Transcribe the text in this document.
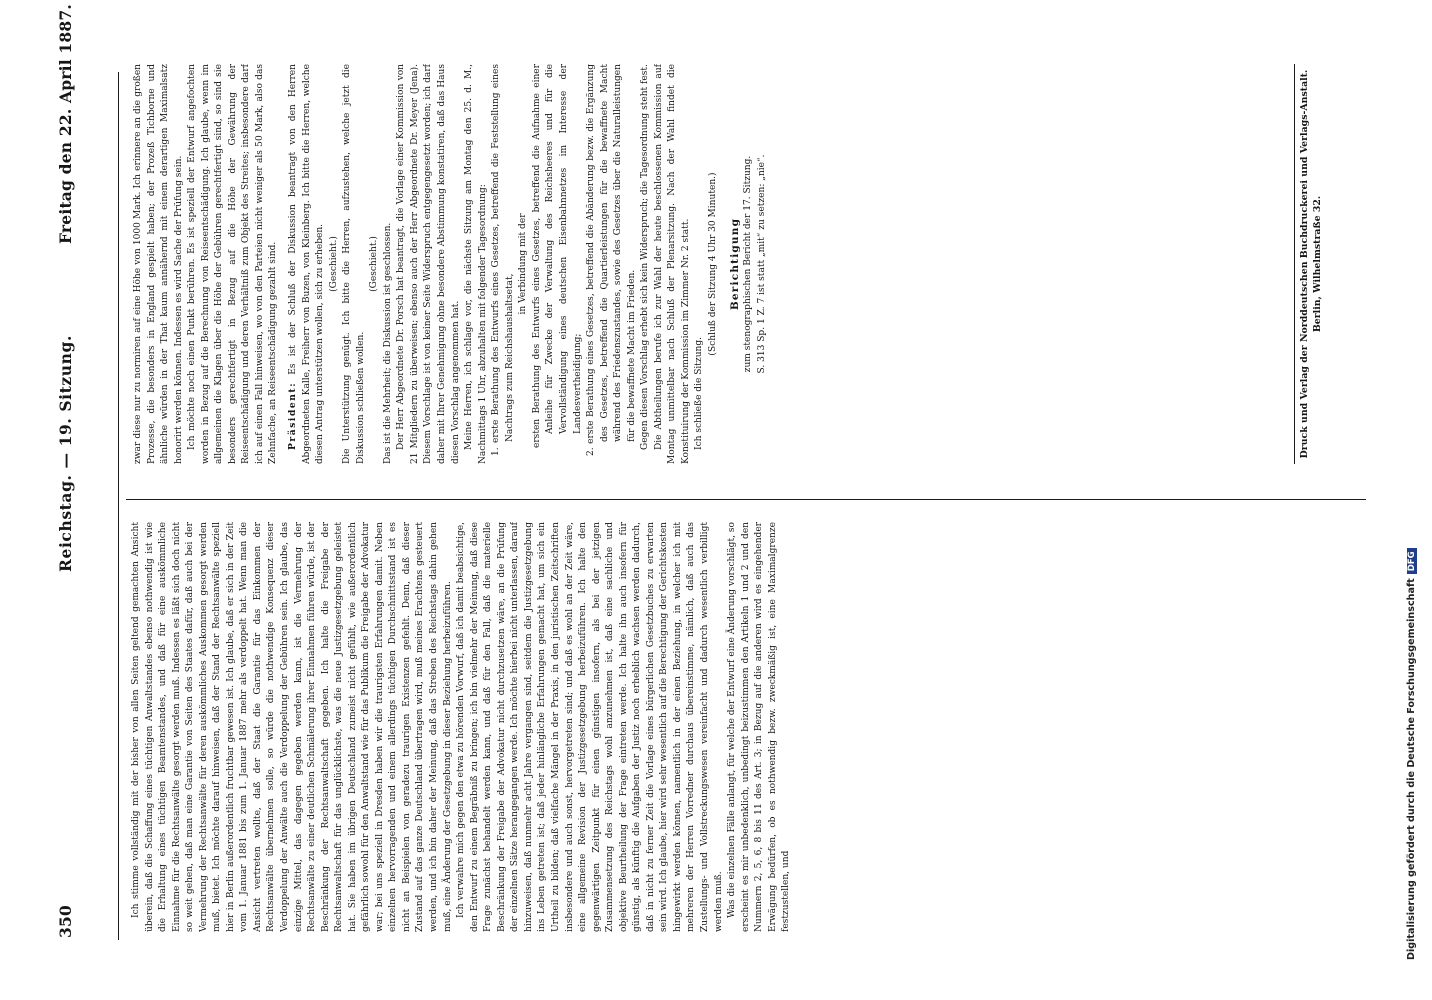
350
Reichstag. — 19. Sitzung.
Freitag den 22. April 1887.

Ich stimme vollständig mit der bisher von allen Seiten geltend gemachten Ansicht überein, daß die Schaffung eines tüchtigen Anwaltstandes ebenso nothwendig ist wie die Erhaltung eines tüchtigen Beamtenstandes, und daß für eine auskömmliche Einnahme für die Rechtsanwälte gesorgt werden muß. Indessen es läßt sich doch nicht so weit gehen, daß man eine Garantie von Seiten des Staates dafür, daß auch bei der Vermehrung der Rechtsanwälte für deren auskömmliches Auskommen gesorgt werden muß, bietet. Ich möchte darauf hinweisen, daß der Stand der Rechtsanwälte speziell hier in Berlin außerordentlich fruchtbar gewesen ist. Ich glaube, daß er sich in der Zeit vom 1. Januar 1881 bis zum 1. Januar 1887 mehr als verdoppelt hat. Wenn man die Ansicht vertreten wollte, daß der Staat die Garantie für das Einkommen der Rechtsanwälte übernehmen solle, so würde die nothwendige Konsequenz dieser Verdoppelung der Anwälte auch die Verdoppelung der Gebühren sein. Ich glaube, das einzige Mittel, das dagegen gegeben werden kann, ist die Vermehrung der Rechtsanwälte zu einer deutlichen Schmälerung ihrer Einnahmen führen würde, ist der Beschränkung der Rechtsanwaltschaft gegeben. Ich halte die Freigabe der Rechtsanwaltschaft für das unglücklichste, was die neue Justizgesetzgebung geleistet hat. Sie haben im übrigen Deutschland zumeist nicht gefühlt, wie außerordentlich gefährlich sowohl für den Anwaltstand wie für das Publikum die Freigabe der Advokatur war; bei uns speziell in Dresden haben wir die traurigsten Erfahrungen damit. Neben einzelnen hervorragenden und einem allerdings tüchtigen Durchschnittsstand ist es nicht an Beispielen von geradezu traurigen Existenzen gefehlt. Denn, daß dieser Zustand auf das ganze Deutschland übertragen wird, muß meines Erachtens gesteuert werden, und ich bin daher der Meinung, daß das Streben des Reichstags dahin gehen muß, eine Änderung der Gesetzgebung in dieser Beziehung herbeizuführen. Ich verwahre mich gegen den etwa zu hörenden Vorwurf, daß ich damit beabsichtige, den Entwurf zu einem Begräbniß zu bringen; ich bin vielmehr der Meinung, daß diese Frage zunächst behandelt werden kann, und daß für den Fall, daß die materielle Beschränkung der Freigabe der Advokatur nicht durchzusetzen wäre, an die Prüfung der einzelnen Sätze herangegangen werde. Ich möchte hierbei nicht unterlassen, darauf hinzuweisen, daß nunmehr acht Jahre vergangen sind, seitdem die Justizgesetzgebung ins Leben getreten ist; daß jeder hinlängliche Erfahrungen gemacht hat, um sich ein Urtheil zu bilden; daß vielfache Mängel in der Praxis, in den juristischen Zeitschriften insbesondere und auch sonst, hervorgetreten sind; und daß es wohl an der Zeit wäre, eine allgemeine Revision der Justizgesetzgebung herbeizuführen. Ich halte den gegenwärtigen Zeitpunkt für einen günstigen insofern, als bei der jetzigen Zusammensetzung des Reichstags wohl anzunehmen ist, daß eine sachliche und objektive Beurtheilung der Frage eintreten werde. Ich halte ihn auch insofern für günstig, als künftig die Aufgaben der Justiz noch erheblich wachsen werden dadurch, daß in nicht zu ferner Zeit die Vorlage eines bürgerlichen Gesetzbuches zu erwarten sein wird. Ich glaube, hier wird sehr wesentlich auf die Berechtigung der Gerichtskosten hingewirkt werden können, namentlich in der einen Beziehung, in welcher ich mit mehreren der Herren Vorredner durchaus übereinstimme, nämlich, daß auch das Zustellungs- und Vollstreckungswesen vereinfacht und dadurch wesentlich verbilligt werden muß. Was die einzelnen Fälle anlangt, für welche der Entwurf eine Änderung vorschlägt, so erscheint es mir unbedenklich, unbedingt beizustimmen den Artikeln 1 und 2 und den Nummern 2, 5, 6, 8 bis 11 des Art. 3; in Bezug auf die anderen wird es eingehender Erwägung bedürfen, ob es nothwendig bezw. zweckmäßig ist, eine Maximalgrenze festzustellen, und

zwar diese nur zu normiren auf eine Höhe von 1000 Mark. Ich erinnere an die großen Prozesse, die besonders in England gespielt haben; der Prozeß Tichborne und ähnliche würden in der That kaum annähernd mit einem derartigen Maximalsatz honorirt werden können. Indessen es wird Sache der Prüfung sein. Ich möchte noch einen Punkt berühren. Es ist speziell der Entwurf angefochten worden in Bezug auf die Berechnung von Reiseentschädigung. Ich glaube, wenn im allgemeinen die Klagen über die Höhe der Gebühren gerechtfertigt sind, so sind sie besonders gerechtfertigt in Bezug auf die Höhe der Gewährung der Reiseentschädigung und deren Verhältniß zum Objekt des Streites; insbesondere darf ich auf einen Fall hinweisen, wo von den Parteien nicht weniger als 50 Mark, also das Zehnfache, an Reiseentschädigung gezahlt sind. Präsident: Es ist der Schluß der Diskussion beantragt von den Herren Abgeordneten Kalle, Freiherr von Buzen, von Kleinberg. Ich bitte die Herren, welche diesen Antrag unterstützen wollen, sich zu erheben. (Geschieht.) Die Unterstützung genügt. Ich bitte die Herren, aufzustehen, welche jetzt die Diskussion schließen wollen.

(Geschieht.) Das ist die Mehrheit; die Diskussion ist geschlossen. Der Herr Abgeordnete Dr. Porsch hat beantragt, die Vorlage einer Kommission von 21 Mitgliedern zu überweisen; ebenso auch der Herr Abgeordnete Dr. Meyer (Jena). Diesem Vorschlage ist von keiner Seite Widerspruch entgegengesetzt worden; ich darf daher mit Ihrer Genehmigung ohne besondere Abstimmung konstatiren, daß das Haus diesen Vorschlag angenommen hat. Meine Herren, ich schlage vor, die nächste Sitzung am Montag den 25. d. M., Nachmittags 1 Uhr, abzuhalten mit folgender Tagesordnung: 1. erste Berathung des Entwurfs eines Gesetzes, betreffend die Feststellung eines Nachtrags zum Reichshaushaltsetat,

in Verbindung mit der ersten Berathung des Entwurfs eines Gesetzes, betreffend die Aufnahme einer Anleihe für Zwecke der Verwaltung des Reichsheeres und für die Vervollständigung eines deutschen Eisenbahnnetzes im Interesse der Landesvertheidigung; 2. erste Berathung eines Gesetzes, betreffend die Abänderung bezw. die Ergänzung des Gesetzes, betreffend die Quartierleistungen für die bewaffnete Macht während des Friedenszustandes, sowie des Gesetzes über die Naturalleistungen für die bewaffnete Macht im Frieden. Gegen diesen Vorschlag erhebt sich kein Widerspruch; die Tagesordnung steht fest. Die Abtheilungen berufe ich zur Wahl der heute beschlossenen Kommission auf Montag unmittelbar nach Schluß der Plenarsitzung. Nach der Wahl findet die Konstituirung der Kommission im Zimmer Nr. 2 statt. Ich schließe die Sitzung.

(Schluß der Sitzung 4 Uhr 30 Minuten.) Berichtigung zum stenographischen Bericht der 17. Sitzung. S. 313 Sp. 1 Z. 7 ist statt „mit“ zu setzen: „nie“.	Druck und Verlag der Norddeutschen Buchdruckerei und Verlags-Anstalt. Berlin, Wilhelmstraße 32.
Digitalisierung gefördert durch die Deutsche ForschungsgemeinschaftDFG
